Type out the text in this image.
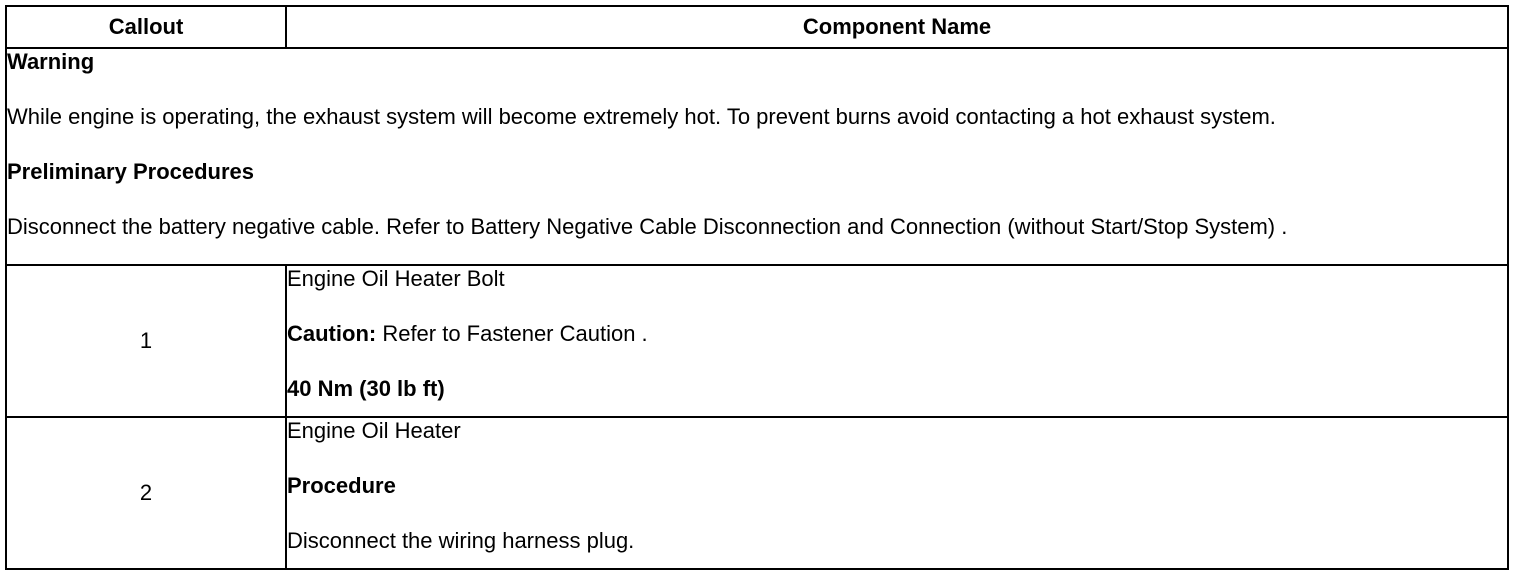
Callout	Component Name

Warning
While engine is operating, the exhaust system will become extremely hot. To prevent burns avoid contacting a hot exhaust system.
Preliminary Procedures
Disconnect the battery negative cable. Refer to Battery Negative Cable Disconnection and Connection (without Start/Stop System) .	

1	Engine Oil Heater Bolt
Caution: Refer to Fastener Caution .
40 Nm (30 lb ft)

2	Engine Oil Heater
Procedure
Disconnect the wiring harness plug.
